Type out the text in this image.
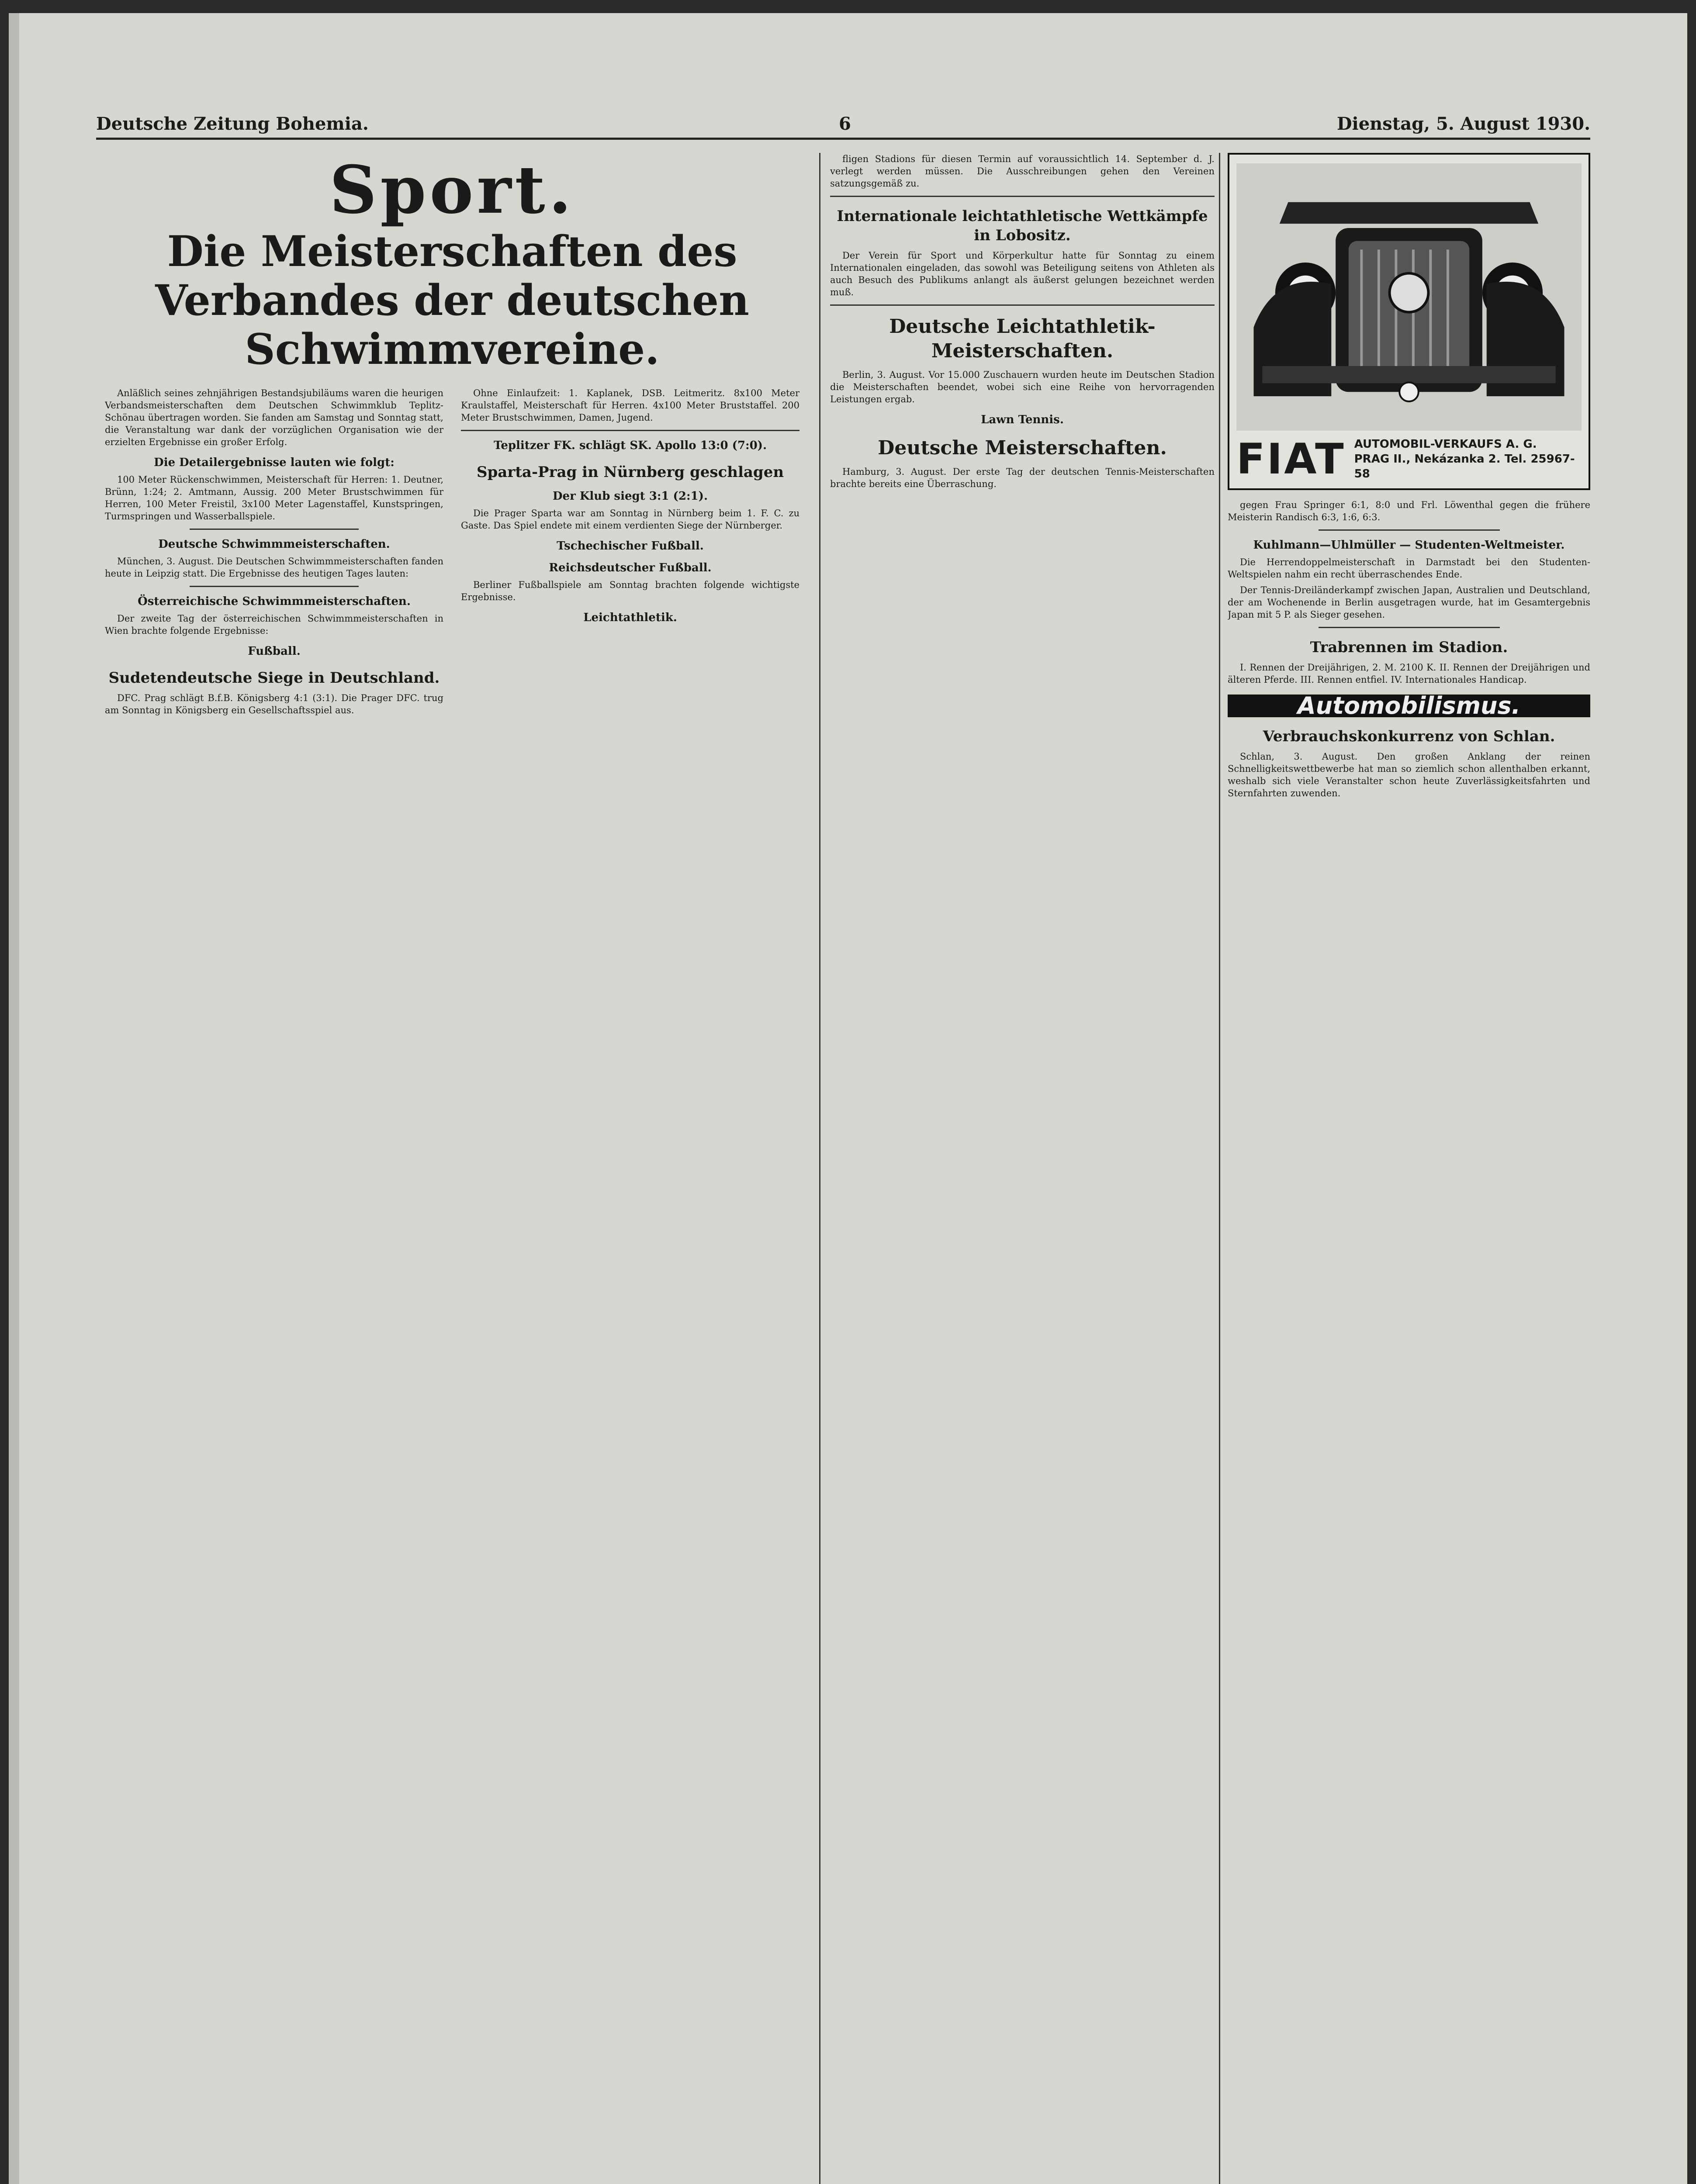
Deutsche Zeitung Bohemia.	6	Dienstag, 5. August 1930.
Sport.
Die Meisterschaften des Verbandes der deutschen Schwimmvereine.

Anläßlich seines zehnjährigen Bestandsjubiläums waren die heurigen Verbandsmeisterschaften dem Deutschen Schwimmklub Teplitz-Schönau übertragen worden. Sie fanden am Samstag und Sonntag statt, die Veranstaltung war dank der vorzüglichen Organisation wie der erzielten Ergebnisse ein großer Erfolg.

Die Detailergebnisse lauten wie folgt:

100 Meter Rückenschwimmen, Meisterschaft für Herren: 1. Deutner, Brünn, 1:24; 2. Amtmann, Aussig. 200 Meter Brustschwimmen für Herren, 100 Meter Freistil, 3x100 Meter Lagenstaffel, Kunstspringen, Turmspringen und Wasserballspiele.

Deutsche Schwimmmeisterschaften.

München, 3. August. Die Deutschen Schwimmmeisterschaften fanden heute in Leipzig statt. Die Ergebnisse des heutigen Tages lauten:

Österreichische Schwimmmeisterschaften.

Der zweite Tag der österreichischen Schwimmmeisterschaften in Wien brachte folgende Ergebnisse:

Fußball.

Sudetendeutsche Siege in Deutschland.

DFC. Prag schlägt B.f.B. Königsberg 4:1 (3:1). Die Prager DFC. trug am Sonntag in Königsberg ein Gesellschaftsspiel aus.

Ohne Einlaufzeit: 1. Kaplanek, DSB. Leitmeritz. 8x100 Meter Kraulstaffel, Meisterschaft für Herren. 4x100 Meter Bruststaffel. 200 Meter Brustschwimmen, Damen, Jugend.

Teplitzer FK. schlägt SK. Apollo 13:0 (7:0).

Sparta-Prag in Nürnberg geschlagen

Der Klub siegt 3:1 (2:1).

Die Prager Sparta war am Sonntag in Nürnberg beim 1. F. C. zu Gaste. Das Spiel endete mit einem verdienten Siege der Nürnberger.

Tschechischer Fußball.

Reichsdeutscher Fußball.

Berliner Fußballspiele am Sonntag brachten folgende wichtigste Ergebnisse.

Leichtathletik.

fligen Stadions für diesen Termin auf voraussichtlich 14. September d. J. verlegt werden müssen. Die Ausschreibungen gehen den Vereinen satzungsgemäß zu.

Internationale leichtathletische Wettkämpfe in Lobositz.

Der Verein für Sport und Körperkultur hatte für Sonntag zu einem Internationalen eingeladen, das sowohl was Beteiligung seitens von Athleten als auch Besuch des Publikums anlangt als äußerst gelungen bezeichnet werden muß.

Deutsche Leichtathletik-Meisterschaften.

Berlin, 3. August. Vor 15.000 Zuschauern wurden heute im Deutschen Stadion die Meisterschaften beendet, wobei sich eine Reihe von hervorragenden Leistungen ergab.

Lawn Tennis.

Deutsche Meisterschaften.

Hamburg, 3. August. Der erste Tag der deutschen Tennis-Meisterschaften brachte bereits eine Überraschung.

FIAT AUTOMOBIL-VERKAUFS A. G.
PRAG II., Nekázanka 2. Tel. 25967-58

gegen Frau Springer 6:1, 8:0 und Frl. Löwenthal gegen die frühere Meisterin Randisch 6:3, 1:6, 6:3.

Kuhlmann—Uhlmüller — Studenten-Weltmeister.

Die Herrendoppelmeisterschaft in Darmstadt bei den Studenten-Weltspielen nahm ein recht überraschendes Ende.

Der Tennis-Dreiländerkampf zwischen Japan, Australien und Deutschland, der am Wochenende in Berlin ausgetragen wurde, hat im Gesamtergebnis Japan mit 5 P. als Sieger gesehen.

Trabrennen im Stadion.

I. Rennen der Dreijährigen, 2. M. 2100 K. II. Rennen der Dreijährigen und älteren Pferde. III. Rennen entfiel. IV. Internationales Handicap.

Automobilismus.

Verbrauchskonkurrenz von Schlan.

Schlan, 3. August. Den großen Anklang der reinen Schnelligkeitswettbewerbe hat man so ziemlich schon allenthalben erkannt, weshalb sich viele Veranstalter schon heute Zuverlässigkeitsfahrten und Sternfahrten zuwenden.
